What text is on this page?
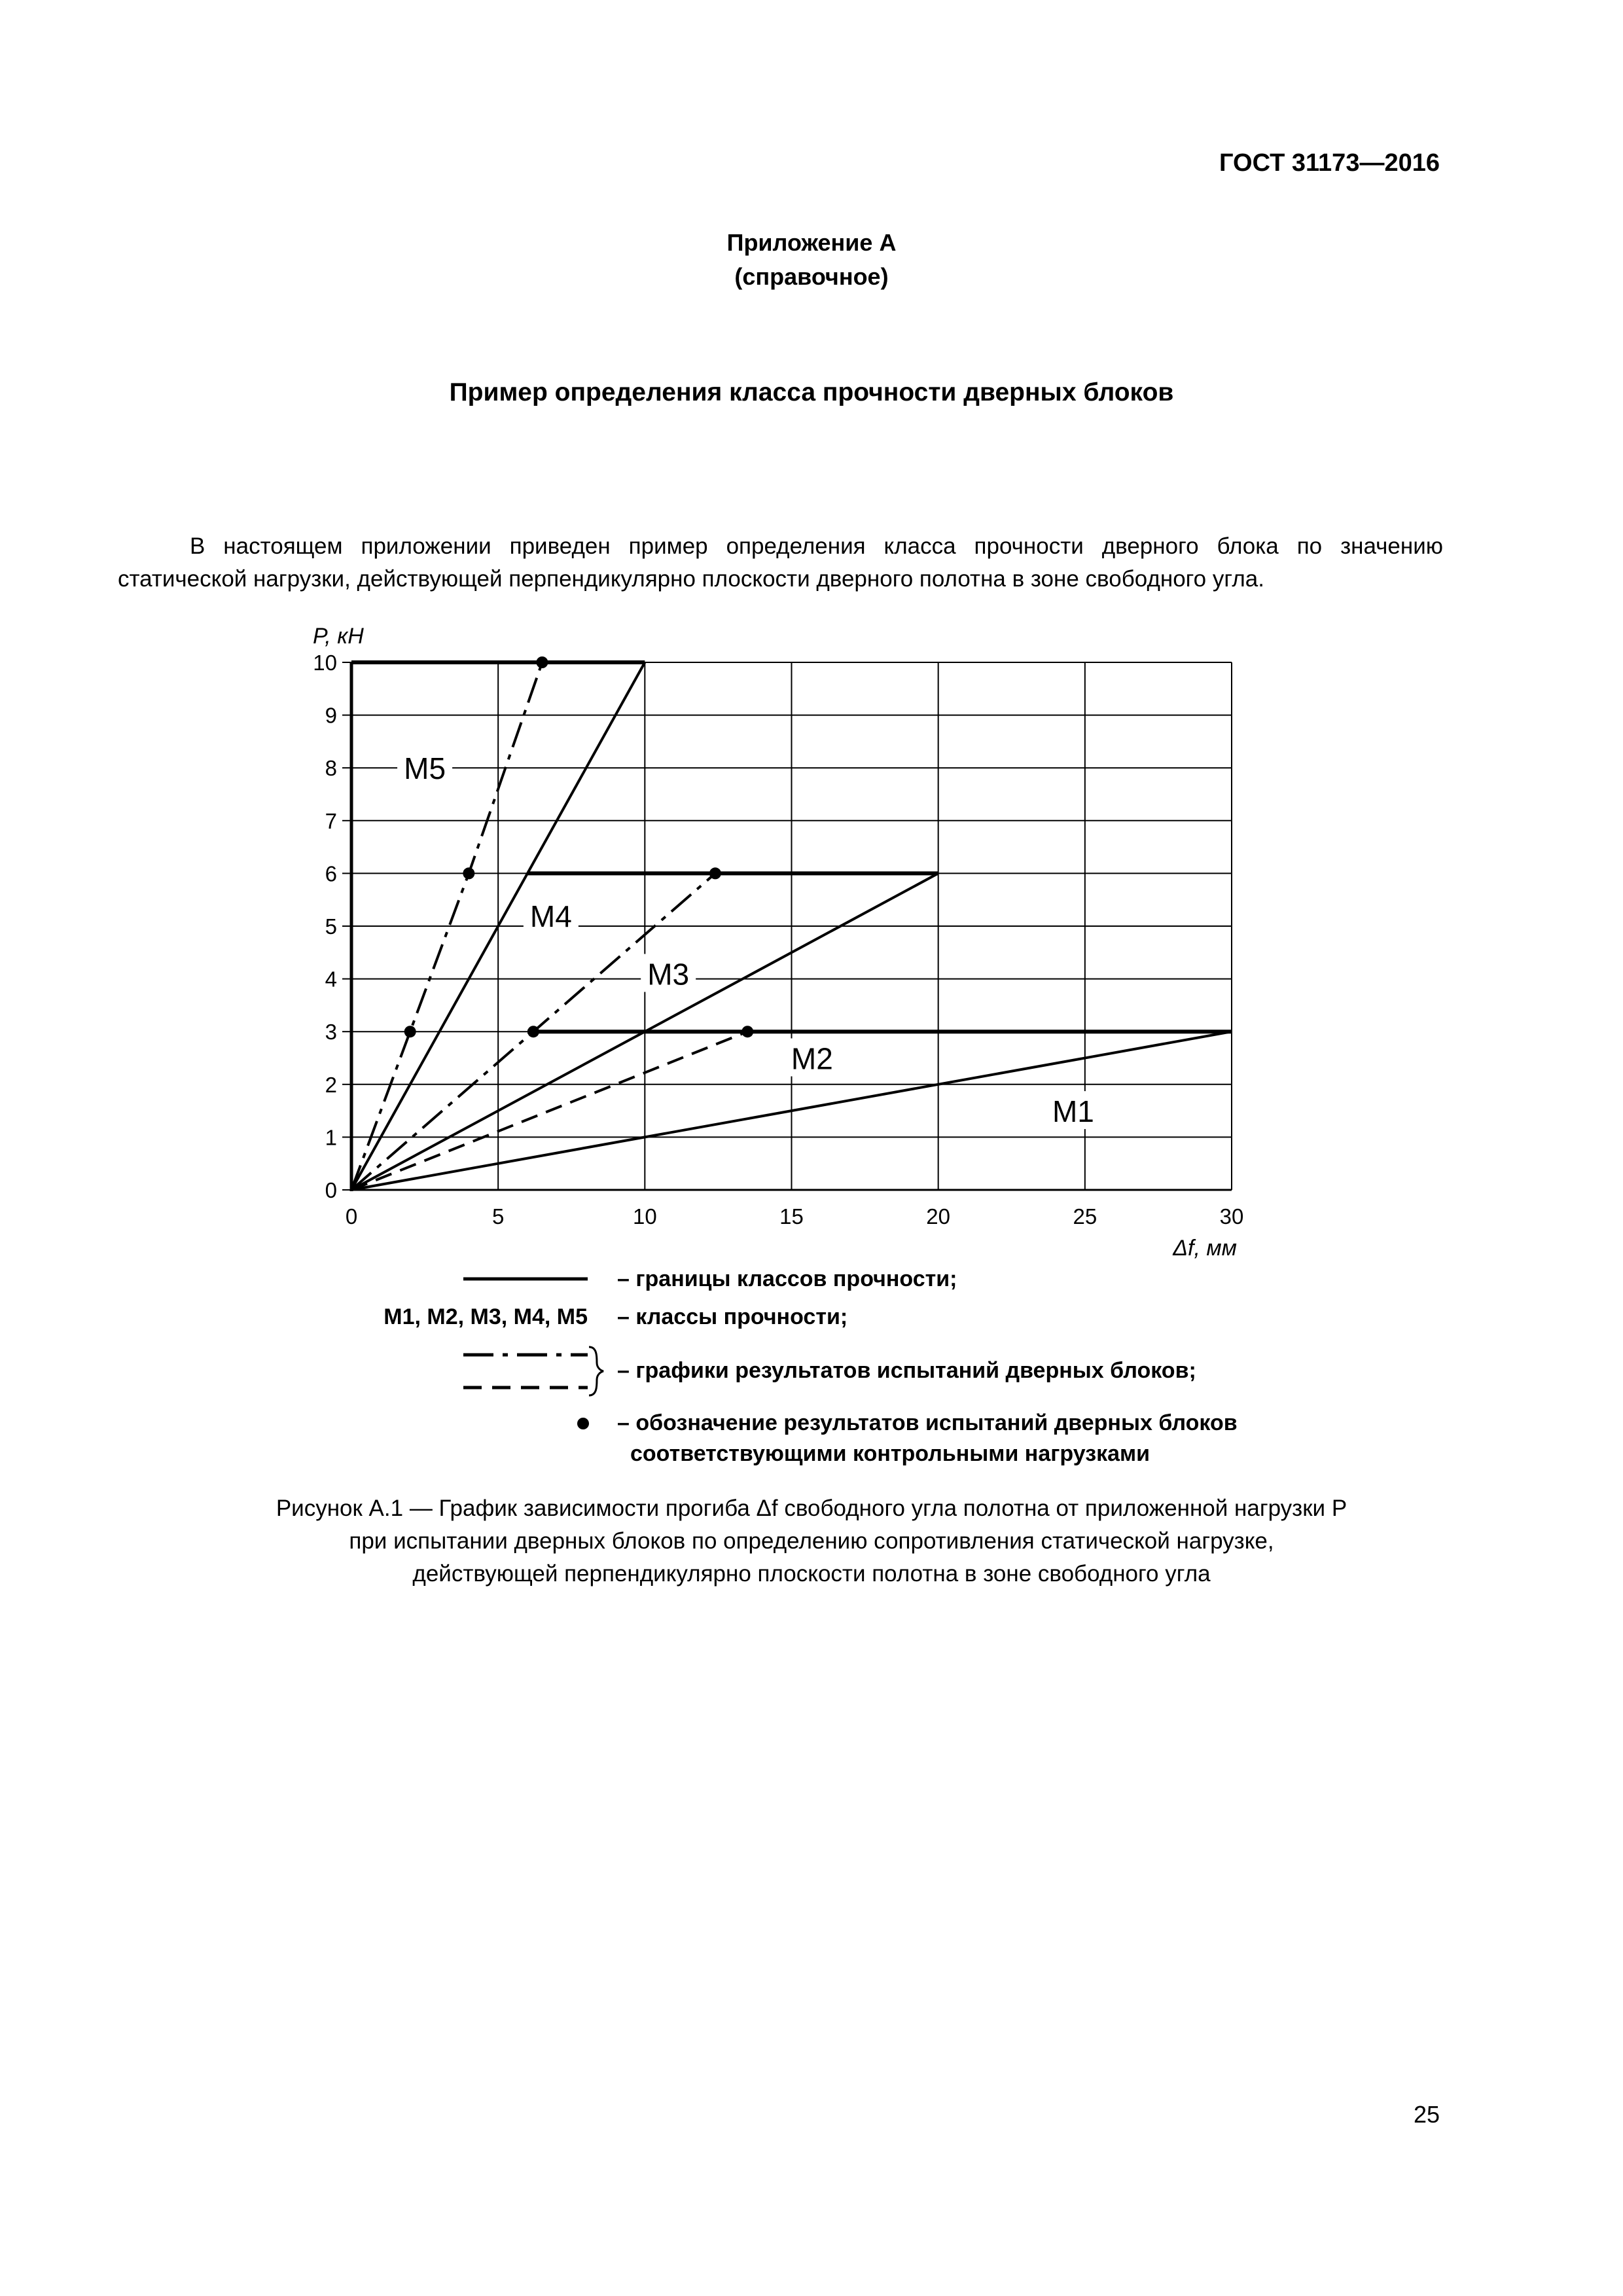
ГОСТ 31173—2016
Приложение А
(справочное)
Пример определения класса прочности дверных блоков
В настоящем приложении приведен пример определения класса прочности дверного блока по значению статической нагрузки, действующей перпендикулярно плоскости дверного полотна в зоне свободного угла.
М5
М4
М3
М2
М1
0	5	10	15	20	25	30
0
1
2
3
4
5
6
7
8
9
10
P, кН
Δf, мм
– границы классов прочности;
М1, М2, М3, М4, М5 – классы прочности;
– графики результатов испытаний дверных блоков;
– обозначение результатов испытаний дверных блоков
соответствующими контрольными нагрузками
Рисунок А.1 — График зависимости прогиба Δf свободного угла полотна от приложенной нагрузки P
при испытании дверных блоков по определению сопротивления статической нагрузке,
действующей перпендикулярно плоскости полотна в зоне свободного угла
25
